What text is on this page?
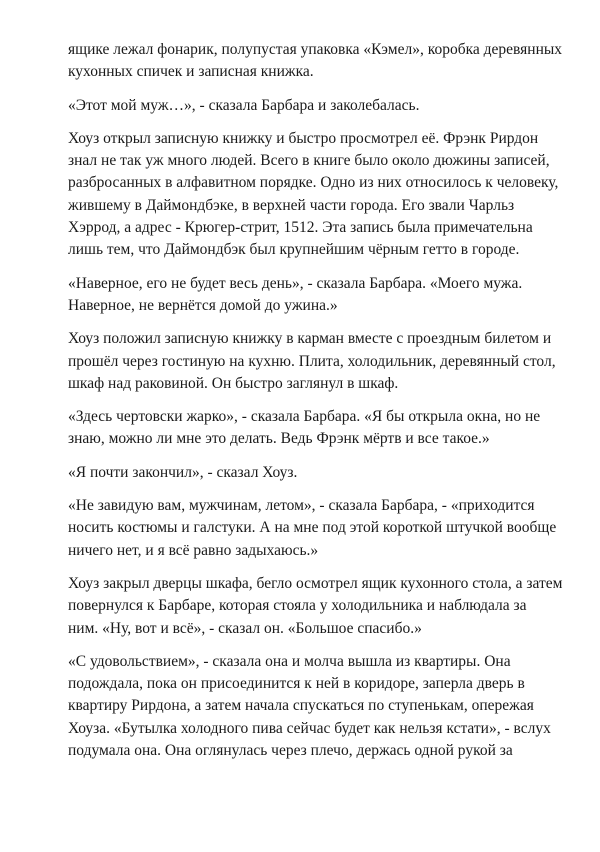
ящике лежал фонарик, полупустая упаковка «Кэмел», коробка деревянных
кухонных спичек и записная книжка.

«Этот мой муж…», - сказала Барбара и заколебалась.

Хоуз открыл записную книжку и быстро просмотрел её. Фрэнк Рирдон
знал не так уж много людей. Всего в книге было около дюжины записей,
разбросанных в алфавитном порядке. Одно из них относилось к человеку,
жившему в Даймондбэке, в верхней части города. Его звали Чарльз
Хэррод, а адрес - Крюгер-стрит, 1512. Эта запись была примечательна
лишь тем, что Даймондбэк был крупнейшим чёрным гетто в городе.

«Наверное, его не будет весь день», - сказала Барбара. «Моего мужа.
Наверное, не вернётся домой до ужина.»

Хоуз положил записную книжку в карман вместе с проездным билетом и
прошёл через гостиную на кухню. Плита, холодильник, деревянный стол,
шкаф над раковиной. Он быстро заглянул в шкаф.

«Здесь чертовски жарко», - сказала Барбара. «Я бы открыла окна, но не
знаю, можно ли мне это делать. Ведь Фрэнк мёртв и все такое.»

«Я почти закончил», - сказал Хоуз.

«Не завидую вам, мужчинам, летом», - сказала Барбара, - «приходится
носить костюмы и галстуки. А на мне под этой короткой штучкой вообще
ничего нет, и я всё равно задыхаюсь.»

Хоуз закрыл дверцы шкафа, бегло осмотрел ящик кухонного стола, а затем
повернулся к Барбаре, которая стояла у холодильника и наблюдала за
ним. «Ну, вот и всё», - сказал он. «Большое спасибо.»

«С удовольствием», - сказала она и молча вышла из квартиры. Она
подождала, пока он присоединится к ней в коридоре, заперла дверь в
квартиру Рирдона, а затем начала спускаться по ступенькам, опережая
Хоуза. «Бутылка холодного пива сейчас будет как нельзя кстати», - вслух
подумала она. Она оглянулась через плечо, держась одной рукой за
